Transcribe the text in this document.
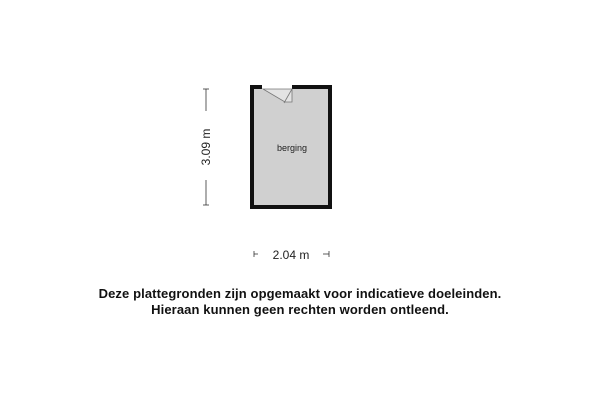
berging
3.09 m
2.04 m
Deze plattegronden zijn opgemaakt voor indicatieve doeleinden.
Hieraan kunnen geen rechten worden ontleend.
